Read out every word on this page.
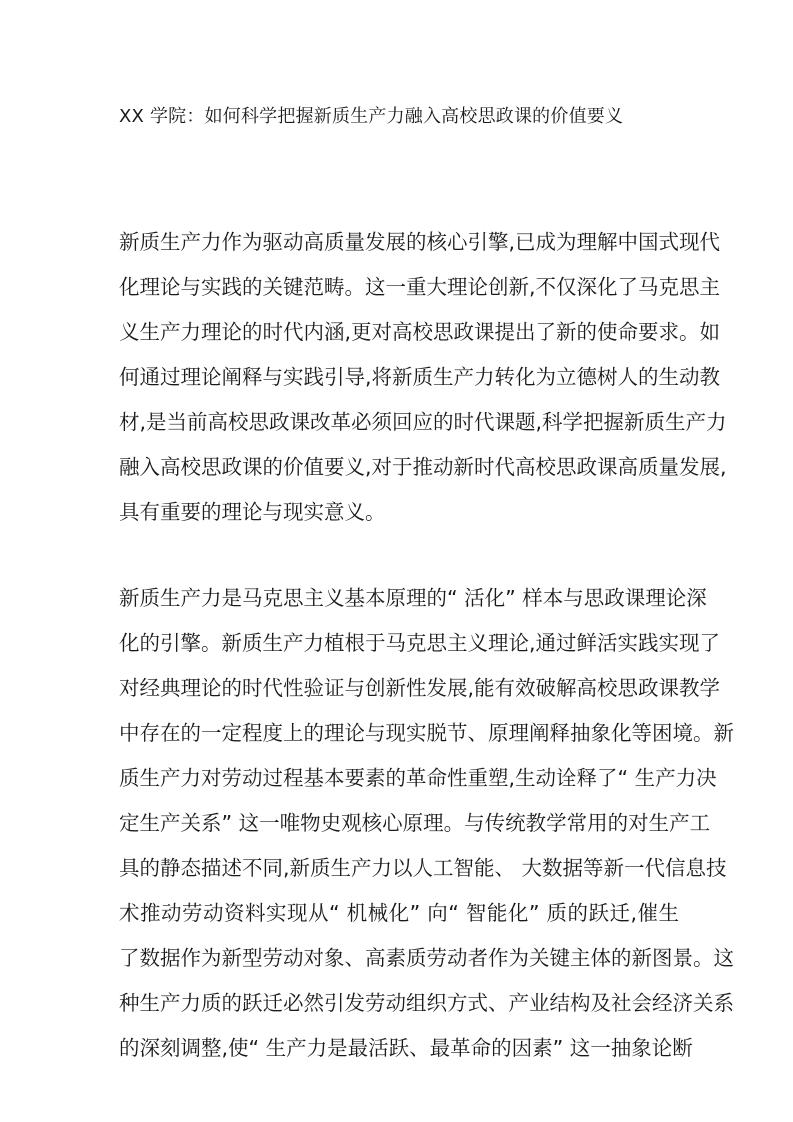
XX 学院：如何科学把握新质生产力融入高校思政课的价值要义
新质生产力作为驱动高质量发展的核心引擎,已成为理解中国式现代
化理论与实践的关键范畴。这一重大理论创新,不仅深化了马克思主
义生产力理论的时代内涵,更对高校思政课提出了新的使命要求。如
何通过理论阐释与实践引导,将新质生产力转化为立德树人的生动教
材,是当前高校思政课改革必须回应的时代课题,科学把握新质生产力
融入高校思政课的价值要义,对于推动新时代高校思政课高质量发展,
具有重要的理论与现实意义。
新质生产力是马克思主义基本原理的“ 活化” 样本与思政课理论深
化的引擎。新质生产力植根于马克思主义理论,通过鲜活实践实现了
对经典理论的时代性验证与创新性发展,能有效破解高校思政课教学
中存在的一定程度上的理论与现实脱节、原理阐释抽象化等困境。新
质生产力对劳动过程基本要素的革命性重塑,生动诠释了“ 生产力决
定生产关系” 这一唯物史观核心原理。与传统教学常用的对生产工
具的静态描述不同,新质生产力以人工智能、 大数据等新一代信息技
术推动劳动资料实现从“ 机械化” 向“ 智能化” 质的跃迁,催生
了数据作为新型劳动对象、高素质劳动者作为关键主体的新图景。这
种生产力质的跃迁必然引发劳动组织方式、产业结构及社会经济关系
的深刻调整,使“ 生产力是最活跃、最革命的因素” 这一抽象论断
